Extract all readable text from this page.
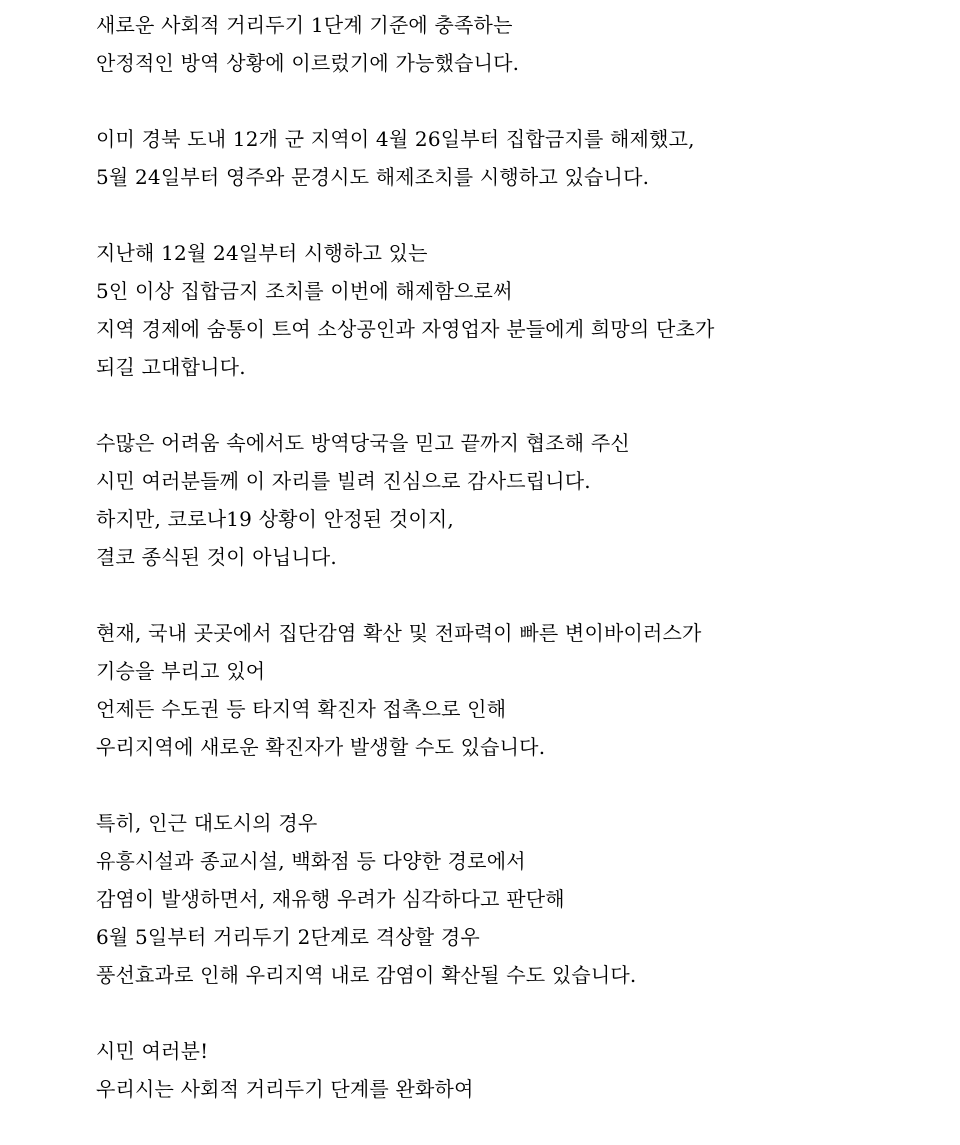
새로운 사회적 거리두기 1단계 기준에 충족하는
안정적인 방역 상황에 이르렀기에 가능했습니다.
이미 경북 도내 12개 군 지역이 4월 26일부터 집합금지를 해제했고,
5월 24일부터 영주와 문경시도 해제조치를 시행하고 있습니다.
지난해 12월 24일부터 시행하고 있는
5인 이상 집합금지 조치를 이번에 해제함으로써
지역 경제에 숨통이 트여 소상공인과 자영업자 분들에게 희망의 단초가
되길 고대합니다.
수많은 어려움 속에서도 방역당국을 믿고 끝까지 협조해 주신
시민 여러분들께 이 자리를 빌려 진심으로 감사드립니다.
하지만, 코로나19 상황이 안정된 것이지,
결코 종식된 것이 아닙니다.
현재, 국내 곳곳에서 집단감염 확산 및 전파력이 빠른 변이바이러스가
기승을 부리고 있어
언제든 수도권 등 타지역 확진자 접촉으로 인해
우리지역에 새로운 확진자가 발생할 수도 있습니다.
특히, 인근 대도시의 경우
유흥시설과 종교시설, 백화점 등 다양한 경로에서
감염이 발생하면서, 재유행 우려가 심각하다고 판단해
6월 5일부터 거리두기 2단계로 격상할 경우
풍선효과로 인해 우리지역 내로 감염이 확산될 수도 있습니다.
시민 여러분!
우리시는 사회적 거리두기 단계를 완화하여
